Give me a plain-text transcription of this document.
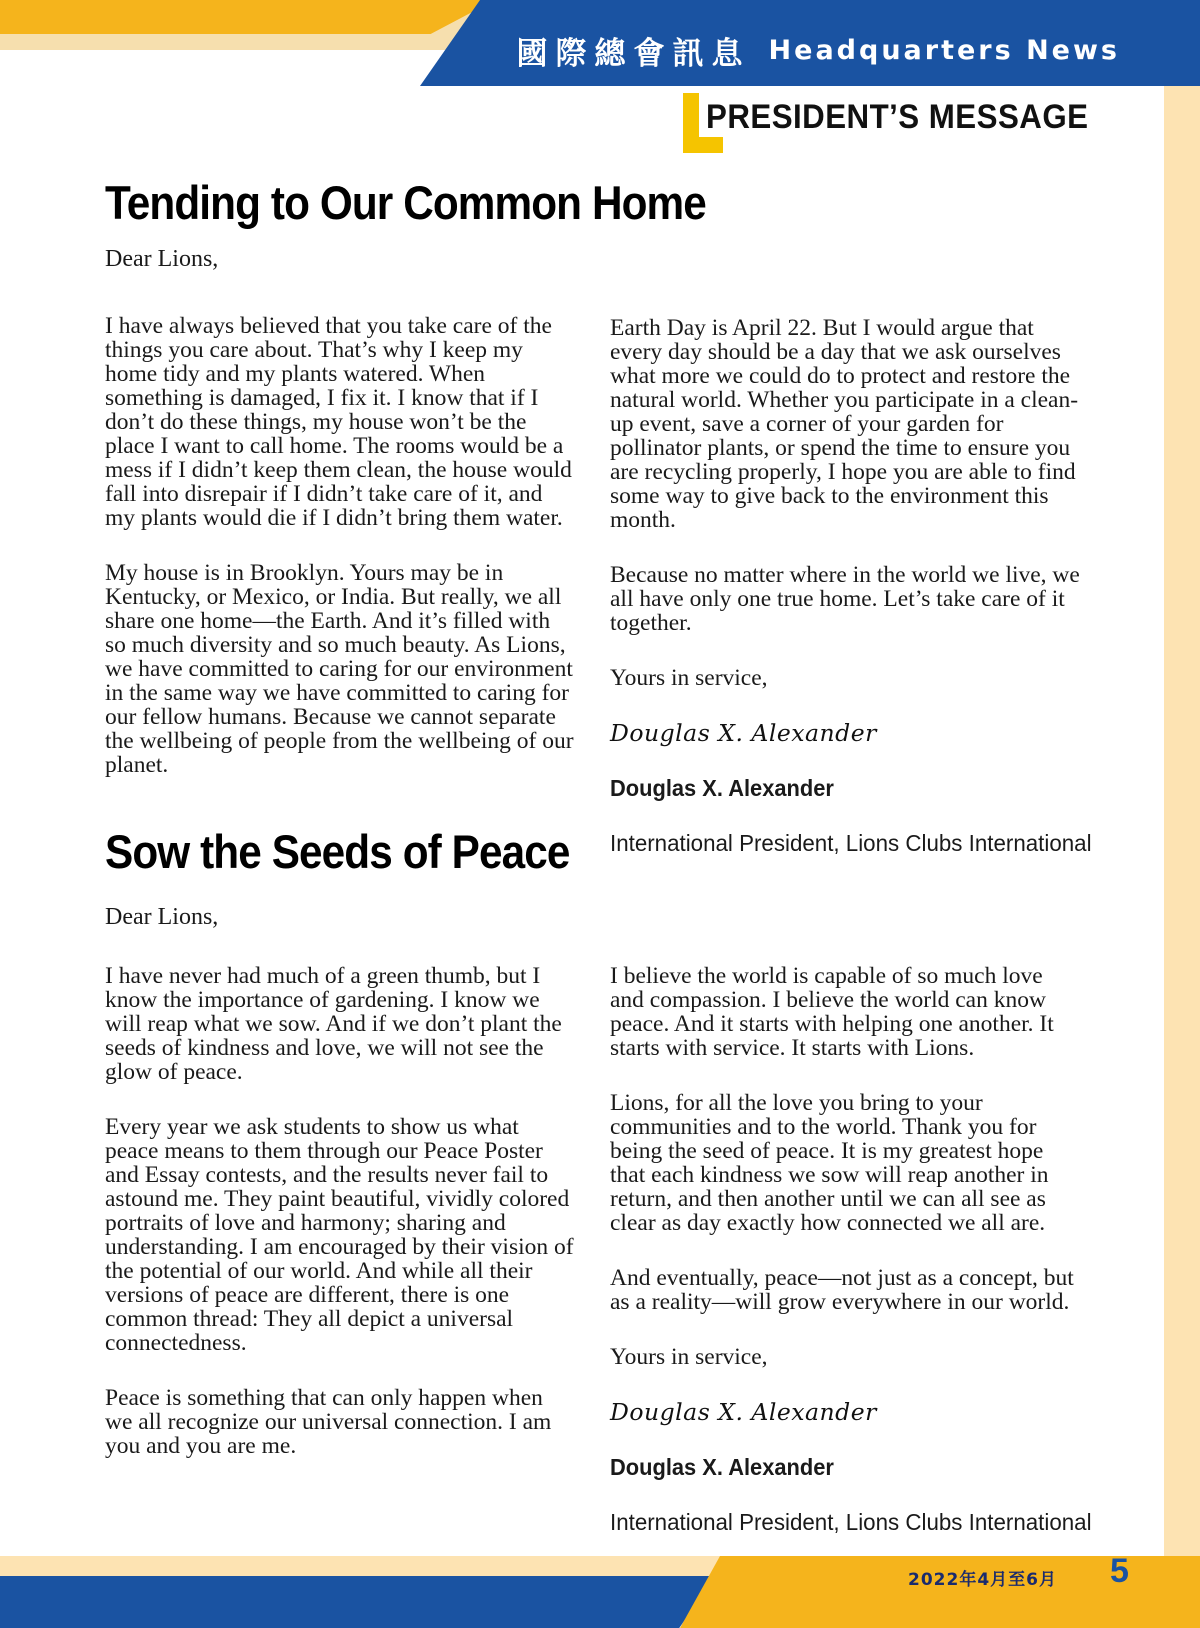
國際總會訊息 Headquarters News
PRESIDENT’S MESSAGE
Tending to Our Common Home

Dear Lions,

I have always believed that you take care of the things you care about. That’s why I keep my home tidy and my plants watered. When something is damaged, I fix it. I know that if I don’t do these things, my house won’t be the place I want to call home. The rooms would be a mess if I didn’t keep them clean, the house would fall into disrepair if I didn’t take care of it, and my plants would die if I didn’t bring them water.

My house is in Brooklyn. Yours may be in Kentucky, or Mexico, or India. But really, we all share one home—the Earth. And it’s filled with so much diversity and so much beauty. As Lions, we have committed to caring for our environment in the same way we have committed to caring for our fellow humans. Because we cannot separate the wellbeing of people from the wellbeing of our planet.

Earth Day is April 22. But I would argue that every day should be a day that we ask ourselves what more we could do to protect and restore the natural world. Whether you participate in a clean-up event, save a corner of your garden for pollinator plants, or spend the time to ensure you are recycling properly, I hope you are able to find some way to give back to the environment this month.

Because no matter where in the world we live, we all have only one true home. Let’s take care of it together.

Yours in service,

Douglas X. Alexander

Douglas X. Alexander

International President, Lions Clubs International

Sow the Seeds of Peace

Dear Lions,

I have never had much of a green thumb, but I know the importance of gardening. I know we will reap what we sow. And if we don’t plant the seeds of kindness and love, we will not see the glow of peace.

Every year we ask students to show us what peace means to them through our Peace Poster and Essay contests, and the results never fail to astound me. They paint beautiful, vividly colored portraits of love and harmony; sharing and understanding. I am encouraged by their vision of the potential of our world. And while all their versions of peace are different, there is one common thread: They all depict a universal connectedness.

Peace is something that can only happen when we all recognize our universal connection. I am you and you are me.

I believe the world is capable of so much love and compassion. I believe the world can know peace. And it starts with helping one another. It starts with service. It starts with Lions.

Lions, for all the love you bring to your communities and to the world. Thank you for being the seed of peace. It is my greatest hope that each kindness we sow will reap another in return, and then another until we can all see as clear as day exactly how connected we all are.

And eventually, peace—not just as a concept, but as a reality—will grow everywhere in our world.

Yours in service,

Douglas X. Alexander

Douglas X. Alexander

International President, Lions Clubs International

2022年4月至6月 5
